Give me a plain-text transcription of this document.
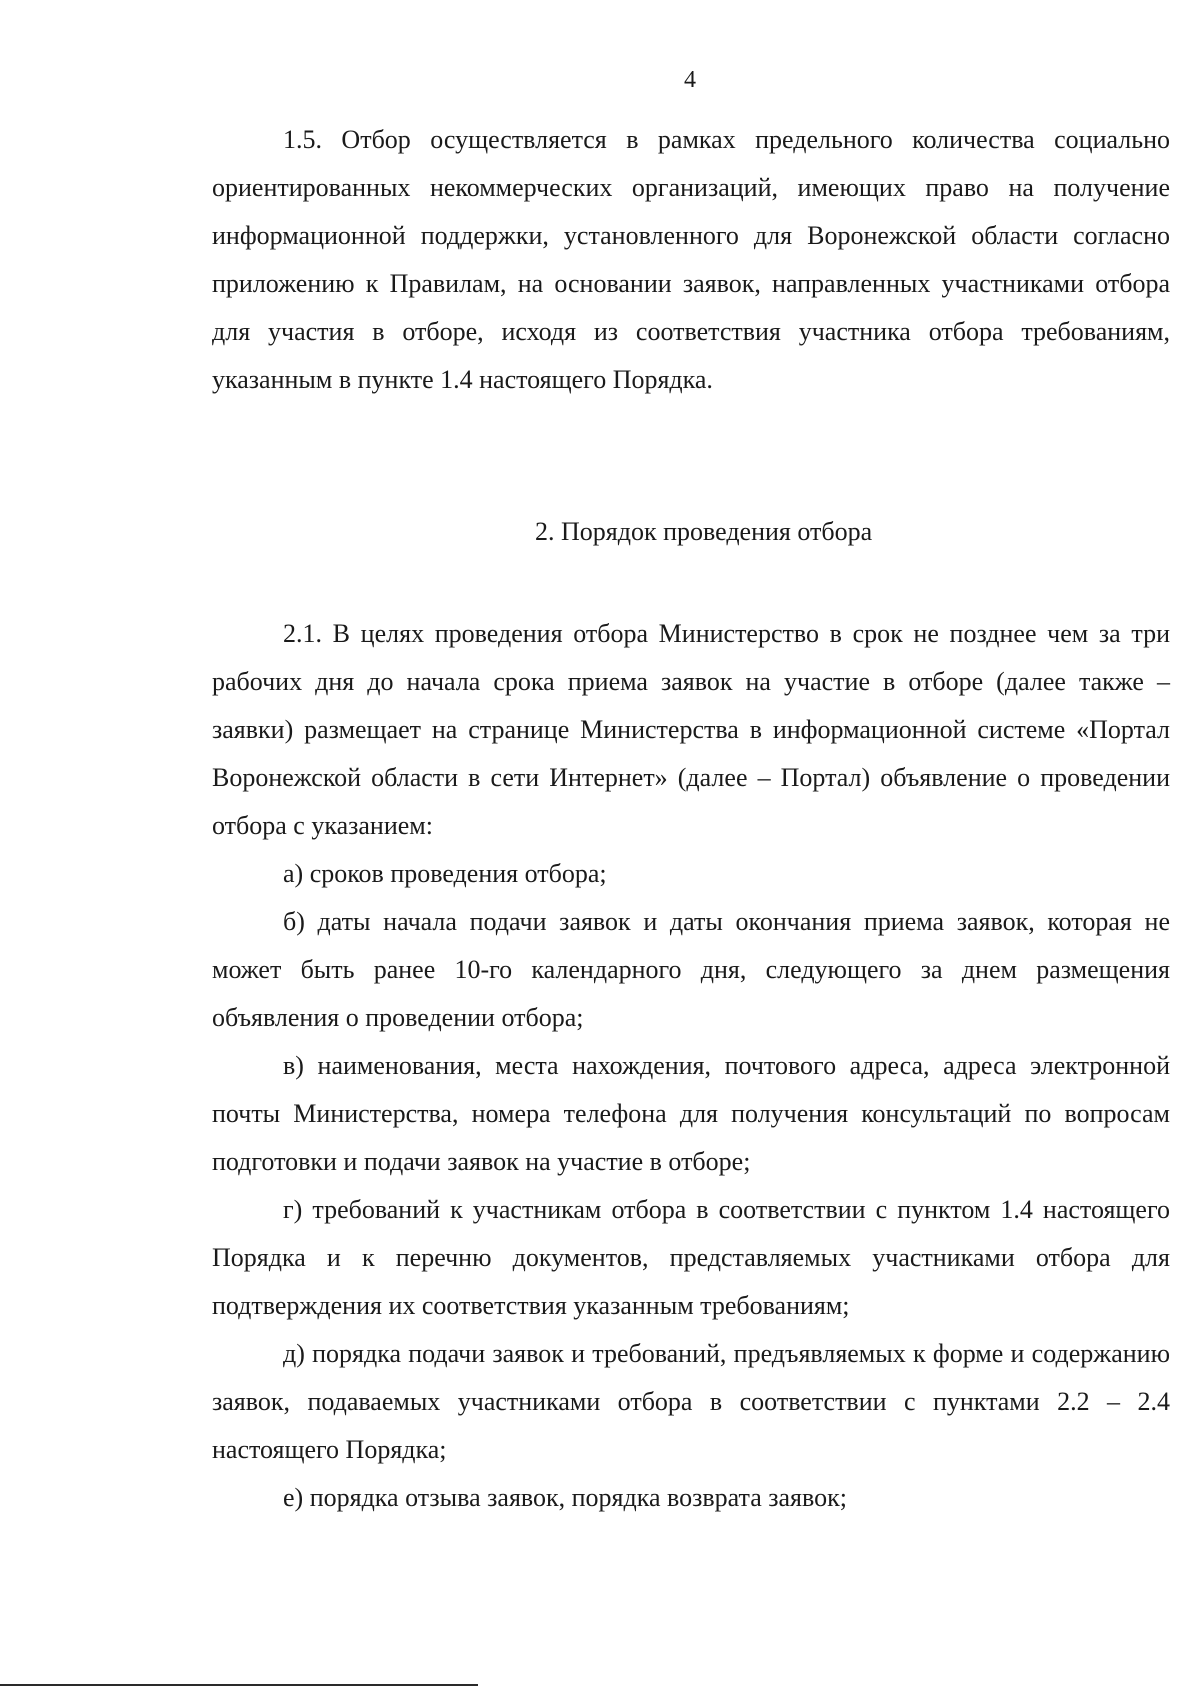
4

1.5. Отбор осуществляется в рамках предельного количества социально ориентированных некоммерческих организаций, имеющих право на получение информационной поддержки, установленного для Воронежской области согласно приложению к Правилам, на основании заявок, направленных участниками отбора для участия в отборе, исходя из соответствия участника отбора требованиям, указанным в пункте 1.4 настоящего Порядка.

2. Порядок проведения отбора

2.1. В целях проведения отбора Министерство в срок не позднее чем за три рабочих дня до начала срока приема заявок на участие в отборе (далее также – заявки) размещает на странице Министерства в информационной системе «Портал Воронежской области в сети Интернет» (далее – Портал) объявление о проведении отбора с указанием:

а) сроков проведения отбора;

б) даты начала подачи заявок и даты окончания приема заявок, которая не может быть ранее 10-го календарного дня, следующего за днем размещения объявления о проведении отбора;

в) наименования, места нахождения, почтового адреса, адреса электронной почты Министерства, номера телефона для получения консультаций по вопросам подготовки и подачи заявок на участие в отборе;

г) требований к участникам отбора в соответствии с пунктом 1.4 настоящего Порядка и к перечню документов, представляемых участниками отбора для подтверждения их соответствия указанным требованиям;

д) порядка подачи заявок и требований, предъявляемых к форме и содержанию заявок, подаваемых участниками отбора в соответствии с пунктами 2.2 – 2.4 настоящего Порядка;

е) порядка отзыва заявок, порядка возврата заявок;
